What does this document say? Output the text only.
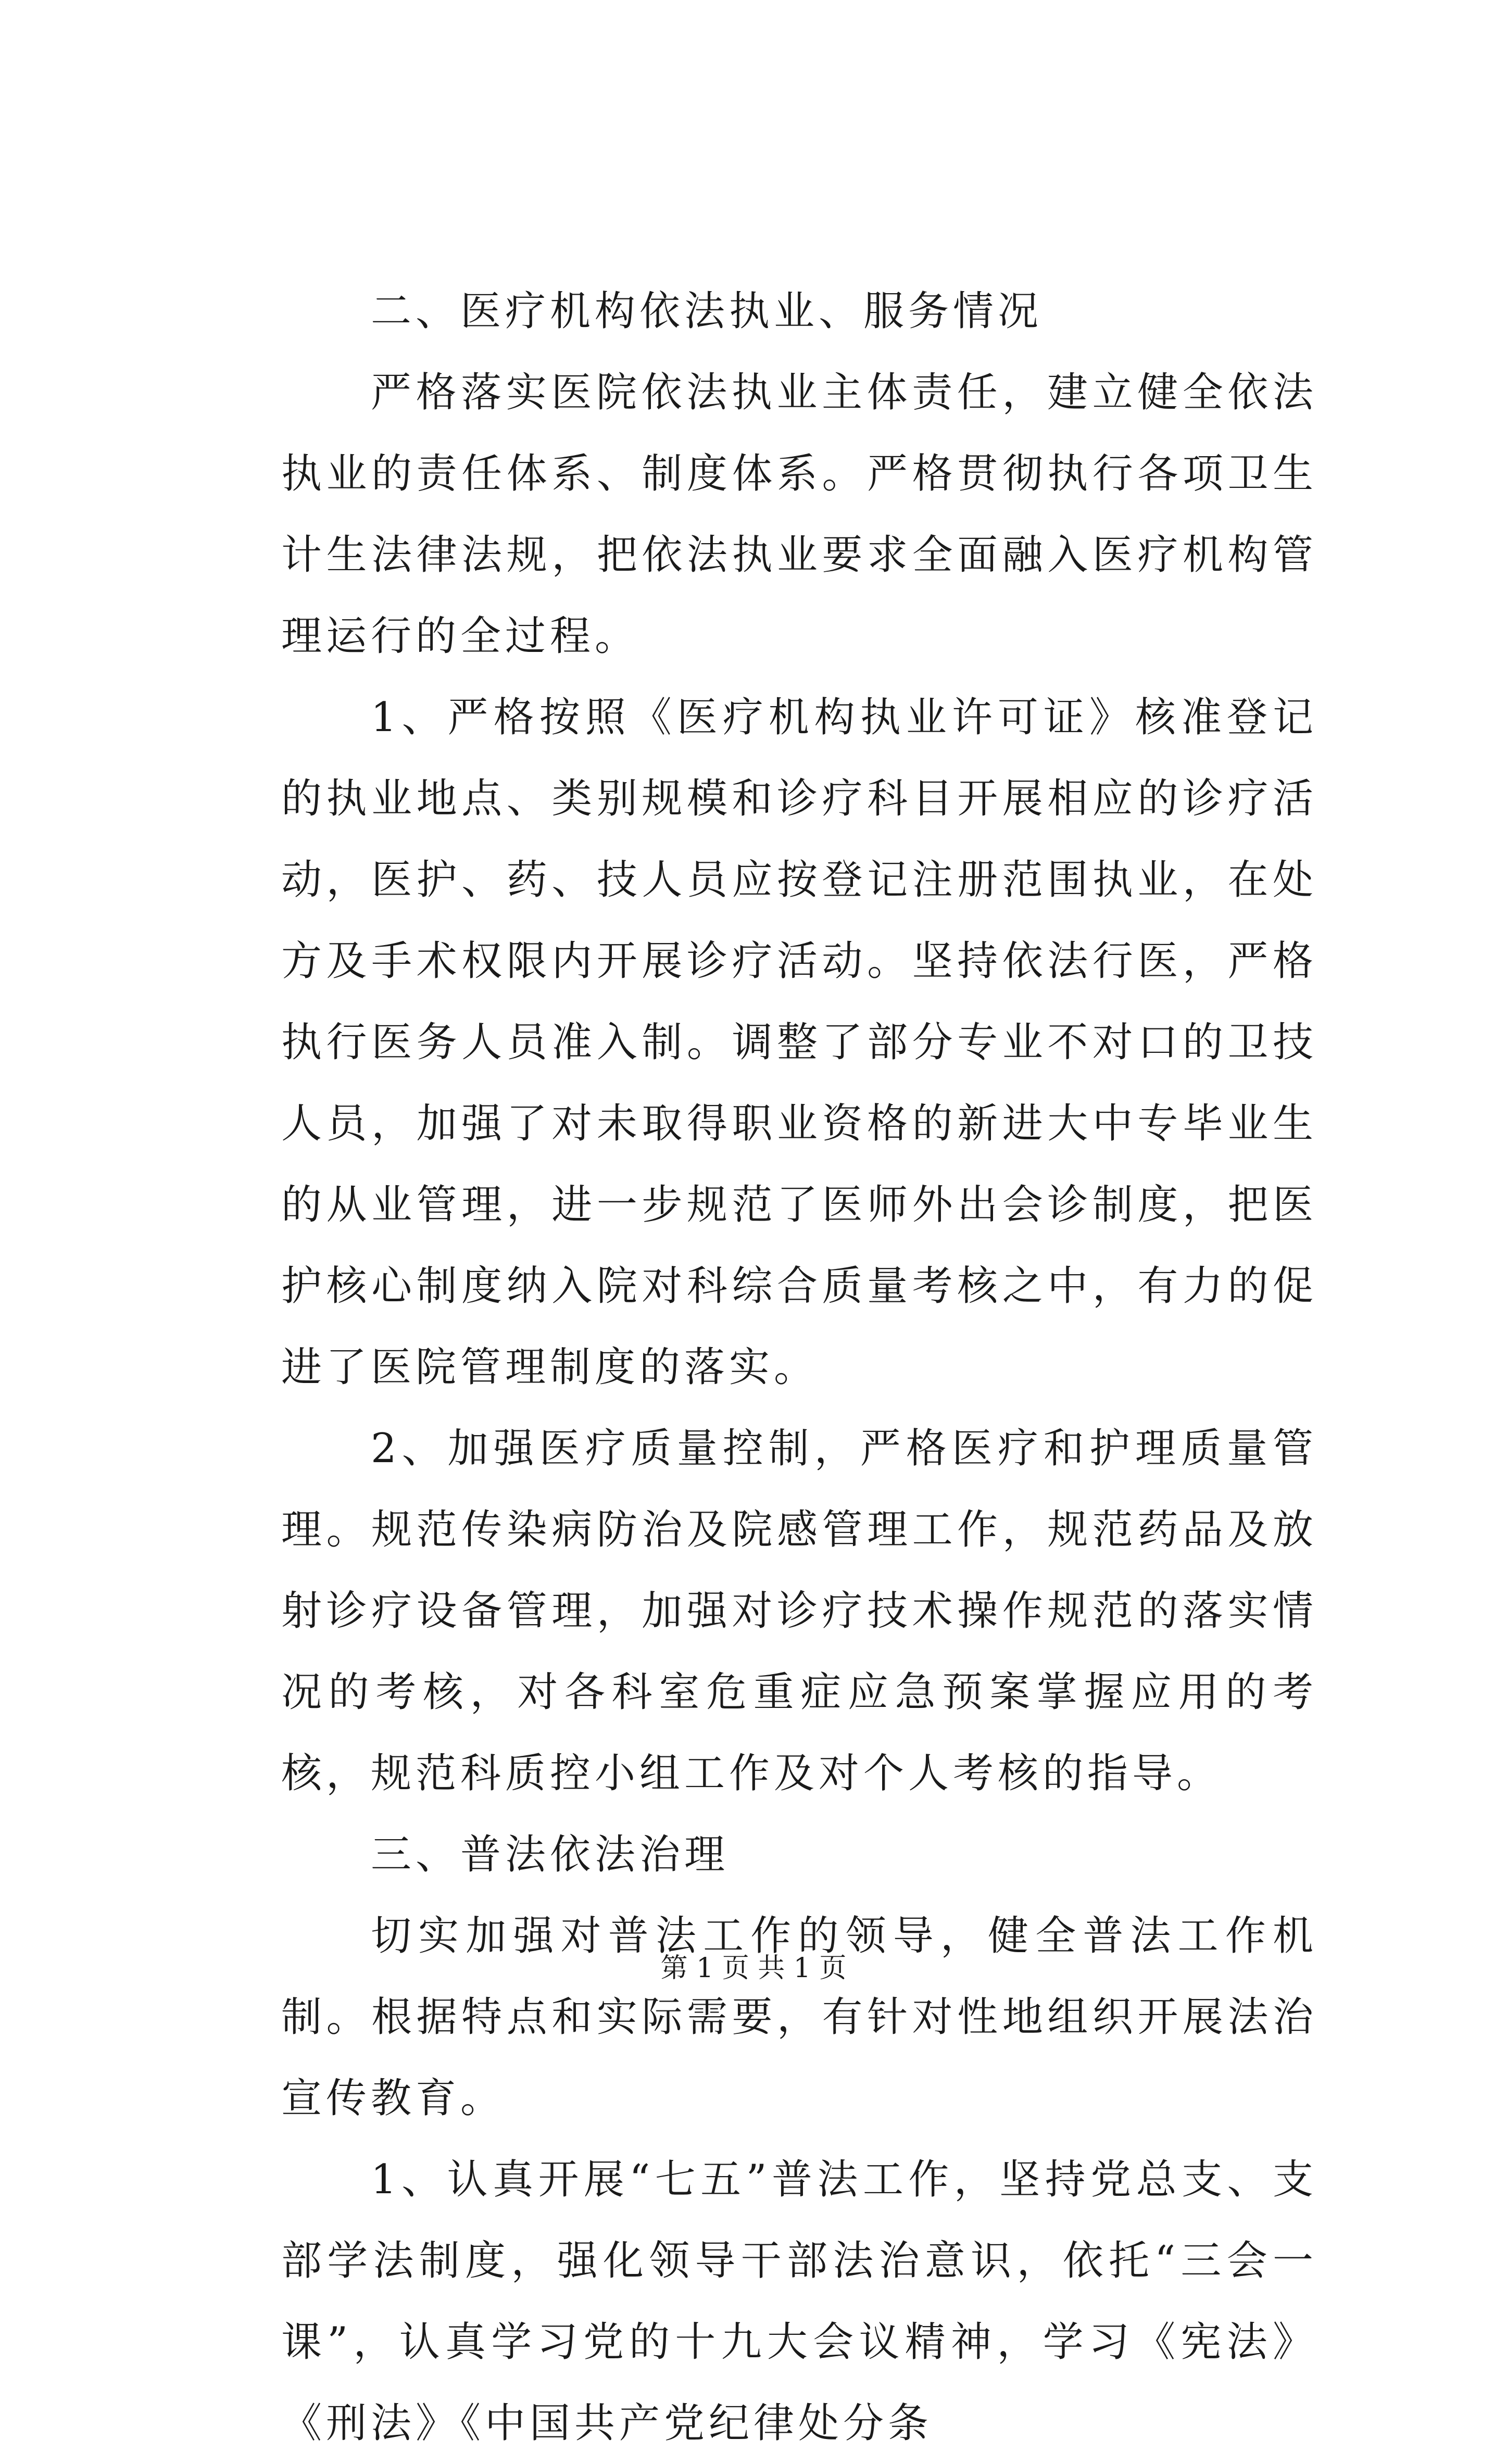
二、医疗机构依法执业、服务情况

严格落实医院依法执业主体责任，建立健全依法执业的责任体系、制度体系。严格贯彻执行各项卫生计生法律法规，把依法执业要求全面融入医疗机构管理运行的全过程。

1、严格按照《医疗机构执业许可证》核准登记的执业地点、类别规模和诊疗科目开展相应的诊疗活动，医护、药、技人员应按登记注册范围执业，在处方及手术权限内开展诊疗活动。坚持依法行医，严格执行医务人员准入制。调整了部分专业不对口的卫技人员，加强了对未取得职业资格的新进大中专毕业生的从业管理，进一步规范了医师外出会诊制度，把医护核心制度纳入院对科综合质量考核之中，有力的促进了医院管理制度的落实。

2、加强医疗质量控制，严格医疗和护理质量管理。规范传染病防治及院感管理工作，规范药品及放射诊疗设备管理，加强对诊疗技术操作规范的落实情况的考核，对各科室危重症应急预案掌握应用的考核，规范科质控小组工作及对个人考核的指导。

三、普法依法治理

切实加强对普法工作的领导，健全普法工作机制。根据特点和实际需要，有针对性地组织开展法治宣传教育。

1、认真开展“七五”普法工作，坚持党总支、支部学法制度，强化领导干部法治意识，依托“三会一课”，认真学习党的十九大会议精神，学习《宪法》《刑法》《中国共产党纪律处分条

第 1 页 共 1 页
